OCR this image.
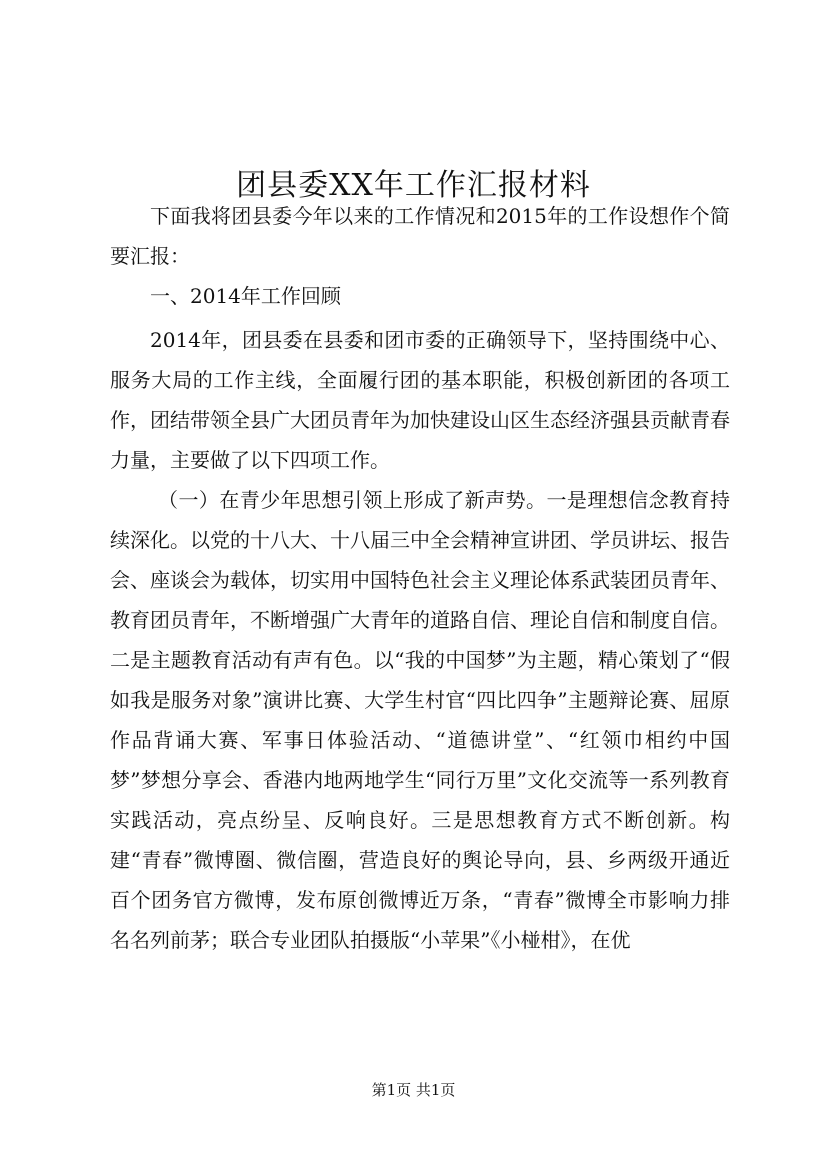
团县委XX年工作汇报材料

下面我将团县委今年以来的工作情况和2015年的工作设想作个简要汇报：

一、2014年工作回顾

2014年，团县委在县委和团市委的正确领导下，坚持围绕中心、服务大局的工作主线，全面履行团的基本职能，积极创新团的各项工作，团结带领全县广大团员青年为加快建设山区生态经济强县贡献青春力量，主要做了以下四项工作。

（一）在青少年思想引领上形成了新声势。一是理想信念教育持续深化。以党的十八大、十八届三中全会精神宣讲团、学员讲坛、报告会、座谈会为载体，切实用中国特色社会主义理论体系武装团员青年、教育团员青年，不断增强广大青年的道路自信、理论自信和制度自信。二是主题教育活动有声有色。以“我的中国梦”为主题，精心策划了“假如我是服务对象”演讲比赛、大学生村官“四比四争”主题辩论赛、屈原作品背诵大赛、军事日体验活动、“道德讲堂”、“红领巾相约中国梦”梦想分享会、香港内地两地学生“同行万里”文化交流等一系列教育实践活动，亮点纷呈、反响良好。三是思想教育方式不断创新。构建“青春”微博圈、微信圈，营造良好的舆论导向，县、乡两级开通近百个团务官方微博，发布原创微博近万条，“青春”微博全市影响力排名名列前茅；联合专业团队拍摄版“小苹果”《小椪柑》，在优

第1页 共1页
